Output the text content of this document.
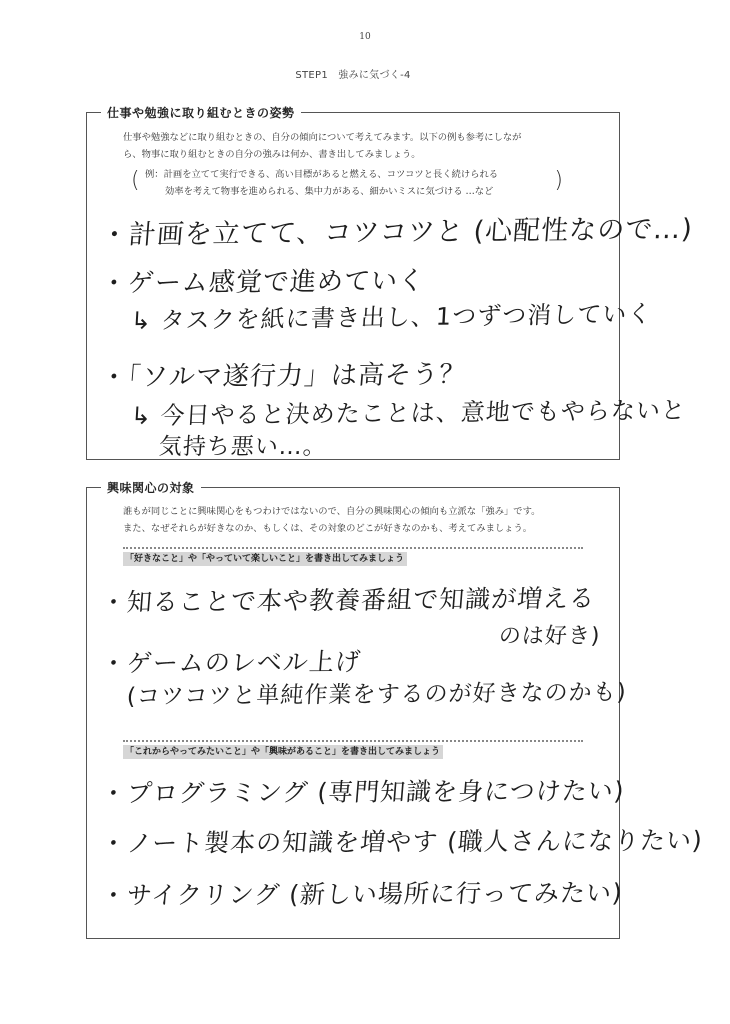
10
STEP1　強みに気づく-4
仕事や勉強に取り組むときの姿勢
仕事や勉強などに取り組むときの、自分の傾向について考えてみます。以下の例も参考にしなが
ら、物事に取り組むときの自分の強みは何か、書き出してみましょう。
( 例：計画を立てて実行できる、高い目標があると燃える、コツコツと長く続けられる
効率を考えて物事を進められる、集中力がある、細かいミスに気づける …など	)
・計画を立てて、コツコツと (心配性なので…)
・ゲーム感覚で進めていく
↳ タスクを紙に書き出し、1つずつ消していく
・「ソルマ遂行力」は高そう？
↳ 今日やると決めたことは、意地でもやらないと
気持ち悪い…。
興味関心の対象
誰もが同じことに興味関心をもつわけではないので、自分の興味関心の傾向も立派な「強み」です。
また、なぜそれらが好きなのか、もしくは、その対象のどこが好きなのかも、考えてみましょう。
「好きなこと」や「やっていて楽しいこと」を書き出してみましょう
・知ることで本や教養番組で知識が増える
のは好き)
・ゲームのレベル上げ
(コツコツと単純作業をするのが好きなのかも)
「これからやってみたいこと」や「興味があること」を書き出してみましょう
・プログラミング (専門知識を身につけたい)
・ノート製本の知識を増やす (職人さんになりたい)
・サイクリング (新しい場所に行ってみたい)
